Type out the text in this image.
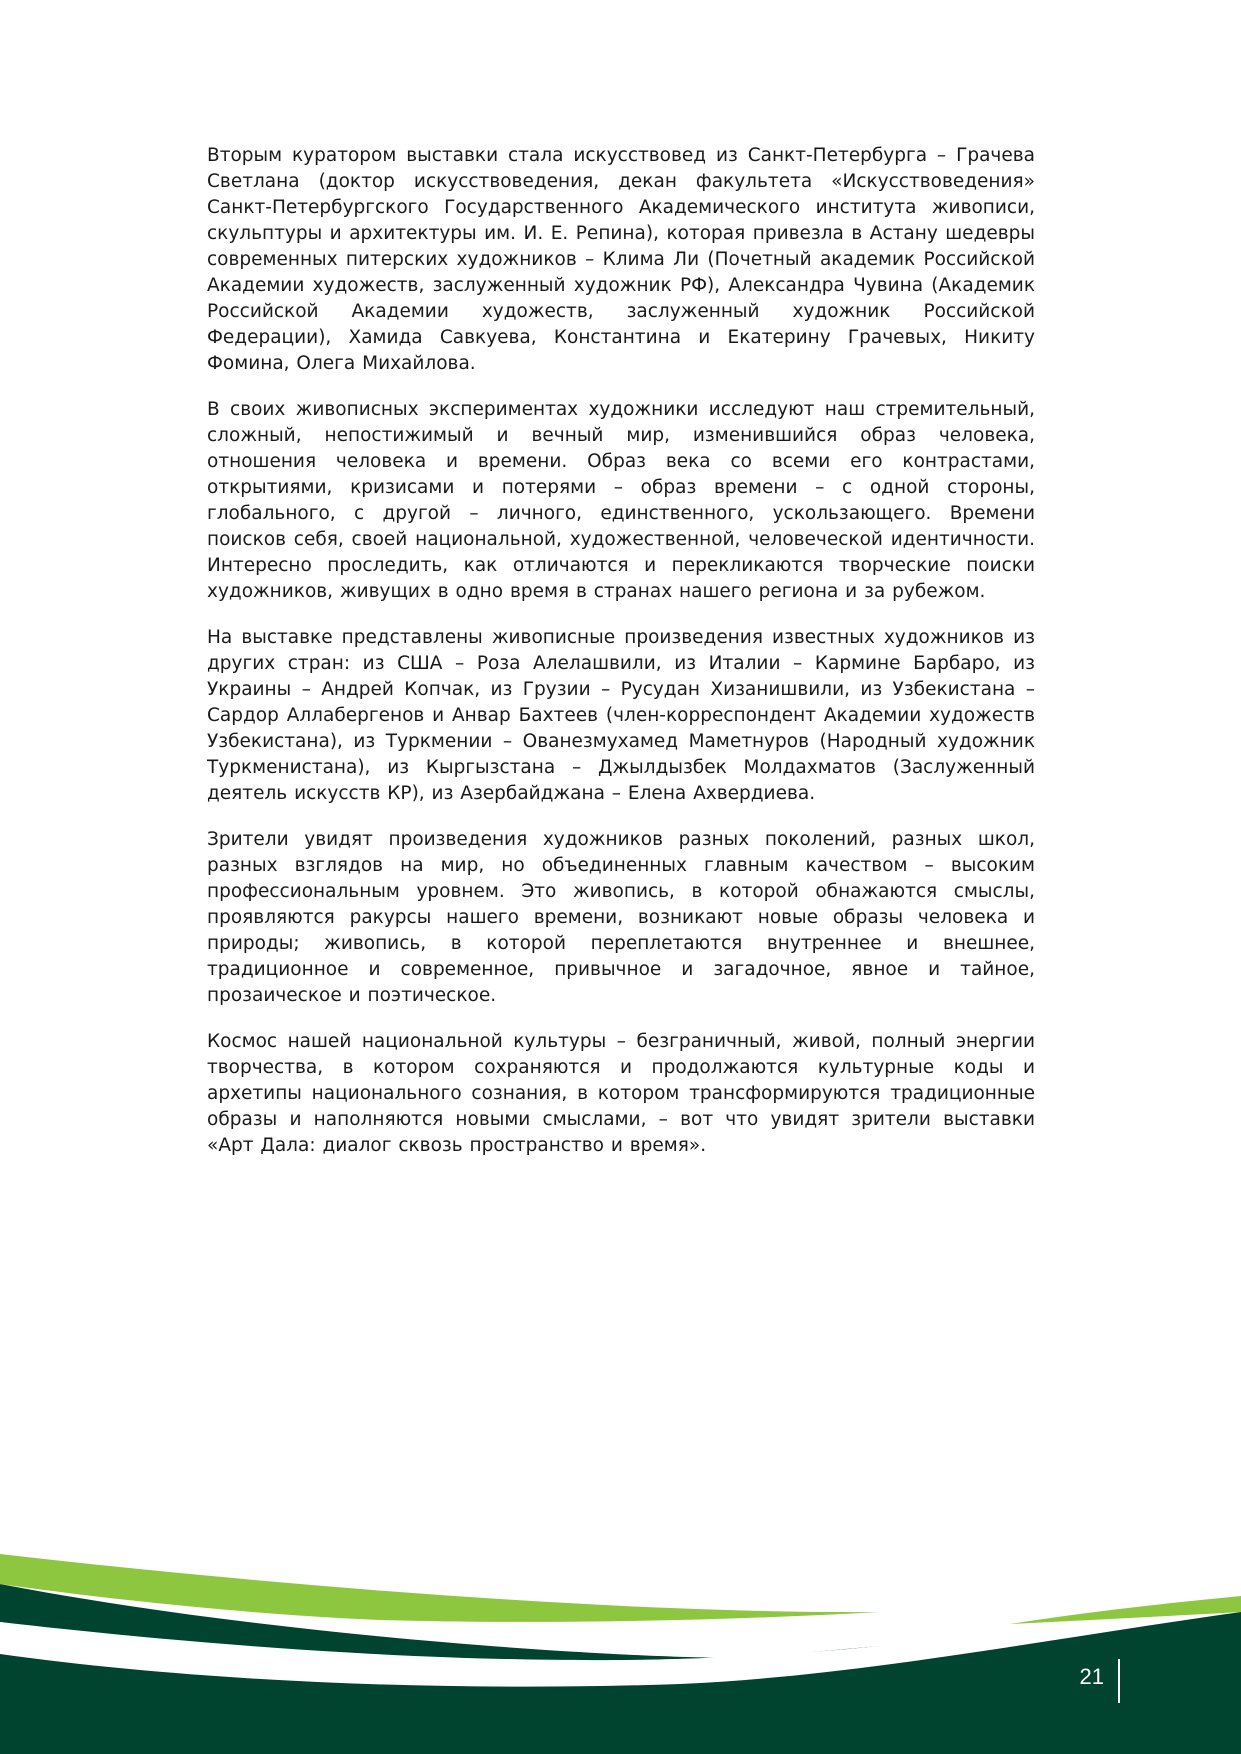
Вторым куратором выставки стала искусствовед из Санкт-Петербурга – Грачева Светлана (доктор искусствоведения, декан факультета «Искусствоведения» Санкт-Петербургского Государственного Академического института живописи, скульптуры и архитектуры им. И. Е. Репина), которая привезла в Астану шедевры современных питерских художников – Клима Ли (Почетный академик Российской Академии художеств, заслуженный художник РФ), Александра Чувина (Академик Российской Академии художеств, заслуженный художник Российской Федерации), Хамида Савкуева, Константина и Екатерину Грачевых, Никиту Фомина, Олега Михайлова.

В своих живописных экспериментах художники исследуют наш стремительный, сложный, непостижимый и вечный мир, изменившийся образ человека, отношения человека и времени. Образ века со всеми его контрастами, открытиями, кризисами и потерями – образ времени – с одной стороны, глобального, с другой – личного, единственного, ускользающего. Времени поисков себя, своей национальной, художественной, человеческой идентичности. Интересно проследить, как отличаются и перекликаются творческие поиски художников, живущих в одно время в странах нашего региона и за рубежом.

На выставке представлены живописные произведения известных художников из других стран: из США – Роза Алелашвили, из Италии – Кармине Барбаро, из Украины – Андрей Копчак, из Грузии – Русудан Хизанишвили, из Узбекистана – Сардор Аллабергенов и Анвар Бахтеев (член-корреспондент Академии художеств Узбекистана), из Туркмении – Ованезмухамед Маметнуров (Народный художник Туркменистана), из Кыргызстана – Джылдызбек Молдахматов (Заслуженный деятель искусств КР), из Азербайджана – Елена Ахвердиева.

Зрители увидят произведения художников разных поколений, разных школ, разных взглядов на мир, но объединенных главным качеством – высоким профессиональным уровнем. Это живопись, в которой обнажаются смыслы, проявляются ракурсы нашего времени, возникают новые образы человека и природы; живопись, в которой переплетаются внутреннее и внешнее, традиционное и современное, привычное и загадочное, явное и тайное, прозаическое и поэтическое.

Космос нашей национальной культуры – безграничный, живой, полный энергии творчества, в котором сохраняются и продолжаются культурные коды и архетипы национального сознания, в котором трансформируются традиционные образы и наполняются новыми смыслами, – вот что увидят зрители выставки «Арт Дала: диалог сквозь пространство и время».

21
